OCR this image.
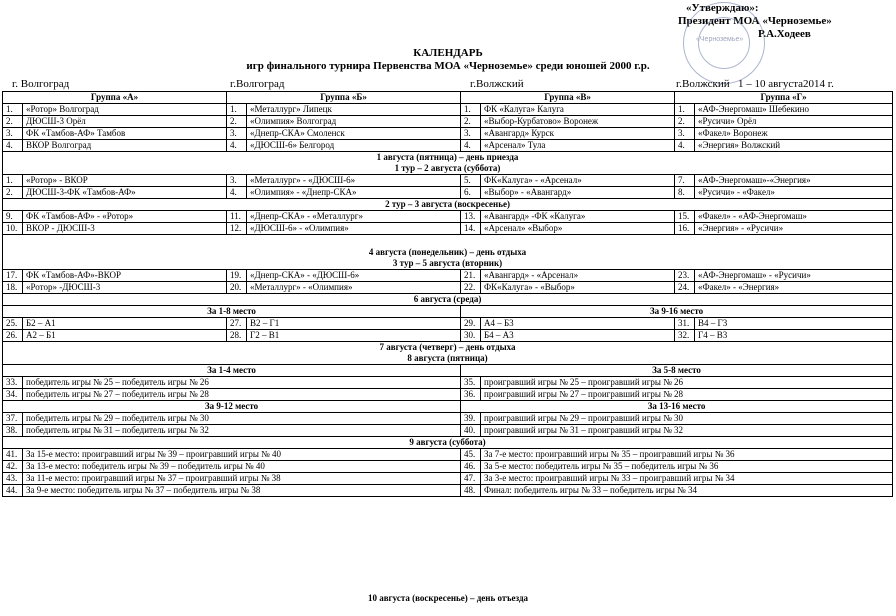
«Утверждаю»:
Президент МОА «Черноземье»
Р.А.Ходеев
«Черноземье»
КАЛЕНДАРЬ
игр финального турнира Первенства МОА «Черноземье» среди юношей 2000 г.р.
г. Волгоград	г.Волгоград	г.Волжский	г.Волжский 1 – 10 августа2014 г.
Группа «А»		Группа «Б»		Группа «В»		Группа «Г»	
1.	«Ротор» Волгоград	1.	«Металлург» Липецк	1.	ФК «Калуга» Калуга	1.	«АФ-Энергомаш» Шебекино
2.	ДЮСШ-3 Орёл	2.	«Олимпия» Волгоград	2.	«Выбор-Курбатово» Воронеж	2.	«Русичи» Орёл
3.	ФК «Тамбов-АФ» Тамбов	3.	«Днепр-СКА» Смоленск	3.	«Авангард» Курск	3.	«Факел» Воронеж
4.	ВКОР Волгоград	4.	«ДЮСШ-6» Белгород	4.	«Арсенал» Тула	4.	«Энергия» Волжский

1 августа (пятница) – день приезда
1 тур – 2 августа (суббота)							

1.	«Ротор» - ВКОР	3.	«Металлург» - «ДЮСШ-6»	5.	ФК«Калуга» - «Арсенал»	7.	«АФ-Энергомаш»-«Энергия»
2.	ДЮСШ-3-ФК «Тамбов-АФ»	4.	«Олимпия» - «Днепр-СКА»	6.	«Выбор» - «Авангард»	8.	«Русичи» - «Факел»
2 тур – 3 августа (воскресенье)							
9.	ФК «Тамбов-АФ» - «Ротор»	11.	«Днепр-СКА» - «Металлург»	13.	«Авангард» -ФК «Калуга»	15.	«Факел» - «АФ-Энергомаш»
10.	ВКОР - ДЮСШ-3	12.	«ДЮСШ-6» - «Олимпия»	14.	«Арсенал» «Выбор»	16.	«Энергия» - «Русичи»

4 августа (понедельник) – день отдыха
3 тур – 5 августа (вторник)							

17.	ФК «Тамбов-АФ»-ВКОР	19.	«Днепр-СКА» - «ДЮСШ-6»	21.	«Авангард» - «Арсенал»	23.	«АФ-Энергомаш» - «Русичи»
18.	«Ротор» -ДЮСШ-3	20.	«Металлург» - «Олимпия»	22.	ФК«Калуга» - «Выбор»	24.	«Факел» - «Энергия»
6 августа (среда)							
За 1-8 место				За 9-16 место			
25.	Б2 – А1	27.	В2 – Г1	29.	А4 – Б3	31.	В4 – Г3
26.	А2 – Б1	28.	Г2 – В1	30.	Б4 – А3	32.	Г4 – В3

7 августа (четверг) – день отдыха
8 августа (пятница)							

За 1-4 место				За 5-8 место			
33.	победитель игры № 25 – победитель игры № 26			35.	проигравший игры № 25 – проигравший игры № 26		
34.	победитель игры № 27 – победитель игры № 28			36.	проигравший игры № 27 – проигравший игры № 28		
За 9-12 место				За 13-16 место			
37.	победитель игры № 29 – победитель игры № 30			39.	проигравший игры № 29 – проигравший игры № 30		
38.	победитель игры № 31 – победитель игры № 32			40.	проигравший игры № 31 – проигравший игры № 32		
9 августа (суббота)							
41.	За 15-е место: проигравший игры № 39 – проигравший игры № 40			45.	За 7-е место: проигравший игры № 35 – проигравший игры № 36		
42.	За 13-е место: победитель игры № 39 – победитель игры № 40			46.	За 5-е место: победитель игры № 35 – победитель игры № 36		
43.	За 11-е место: проигравший игры № 37 – проигравший игры № 38			47.	За 3-е место: проигравший игры № 33 – проигравший игры № 34		
44.	За 9-е место: победитель игры № 37 – победитель игры № 38			48.	Финал: победитель игры № 33 – победитель игры № 34		
10 августа (воскресенье) – день отъезда
